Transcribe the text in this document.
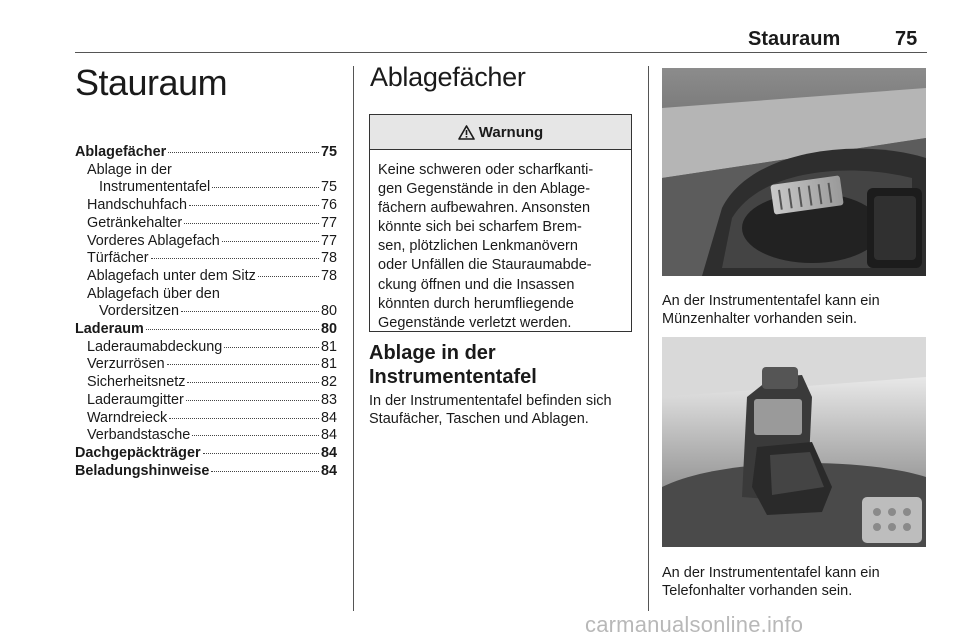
Stauraum	75
Stauraum
Ablagefächer	75
Ablage in der
Instrumententafel	75
Handschuhfach	76
Getränkehalter	77
Vorderes Ablagefach	77
Türfächer	78
Ablagefach unter dem Sitz	78
Ablagefach über den
Vordersitzen	80
Laderaum	80
Laderaumabdeckung	81
Verzurrösen	81
Sicherheitsnetz	82
Laderaumgitter	83
Warndreieck	84
Verbandstasche	84
Dachgepäckträger	84
Beladungshinweise	84
Ablagefächer
Warnung
Keine schweren oder scharfkanti-
gen Gegenstände in den Ablage-
fächern aufbewahren. Ansonsten
könnte sich bei scharfem Brem-
sen, plötzlichen Lenkmanövern
oder Unfällen die Stauraumabde-
ckung öffnen und die Insassen
könnten durch herumfliegende
Gegenstände verletzt werden.
Ablage in der
Instrumententafel
In der Instrumententafel befinden sich
Staufächer, Taschen und Ablagen.
An der Instrumententafel kann ein
Münzenhalter vorhanden sein.
An der Instrumententafel kann ein
Telefonhalter vorhanden sein.
carmanualsonline.info
